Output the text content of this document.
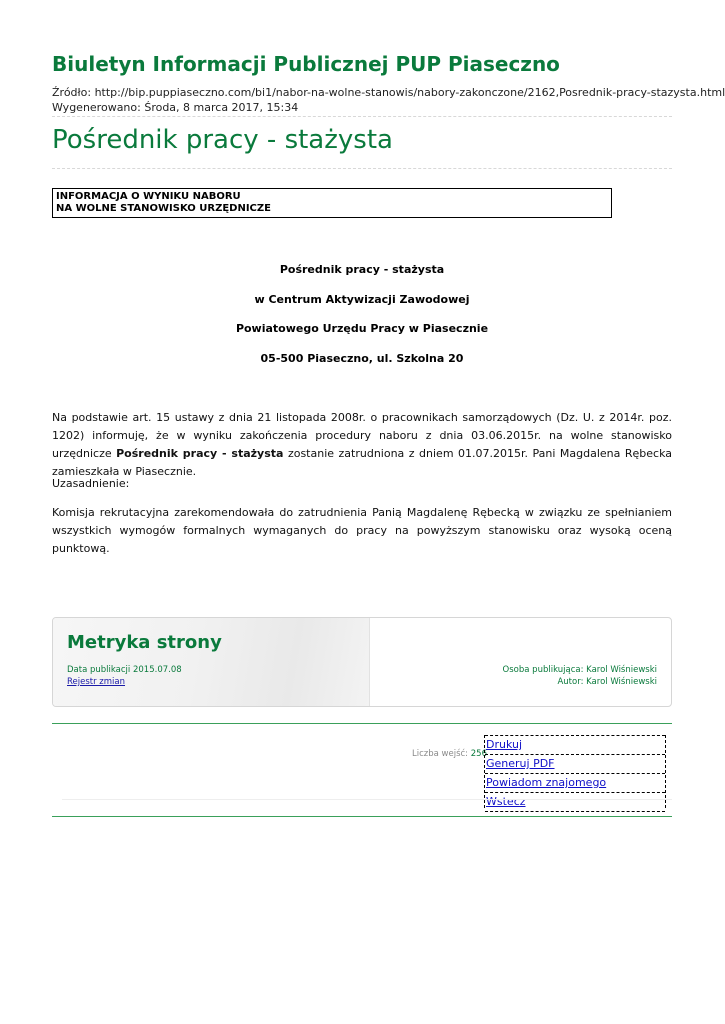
Biuletyn Informacji Publicznej PUP Piaseczno
Źródło: http://bip.puppiaseczno.com/bi1/nabor-na-wolne-stanowis/nabory-zakonczone/2162,Posrednik-pracy-stazysta.html
Wygenerowano: Środa, 8 marca 2017, 15:34
Pośrednik pracy - stażysta
INFORMACJA O WYNIKU NABORU
NA WOLNE STANOWISKO URZĘDNICZE
Pośrednik pracy - stażysta
w Centrum Aktywizacji Zawodowej
Powiatowego Urzędu Pracy w Piasecznie
05-500 Piaseczno, ul. Szkolna 20

Na podstawie art. 15 ustawy z dnia 21 listopada 2008r. o pracownikach samorządowych (Dz. U. z 2014r. poz. 1202) informuję, że w wyniku zakończenia procedury naboru z dnia 03.06.2015r. na wolne stanowisko urzędnicze Pośrednik pracy - stażysta zostanie zatrudniona z dniem 01.07.2015r. Pani Magdalena Rębecka zamieszkała w Piasecznie.

Uzasadnienie:

Komisja rekrutacyjna zarekomendowała do zatrudnienia Panią Magdalenę Rębecką w związku ze spełnianiem wszystkich wymogów formalnych wymaganych do pracy na powyższym stanowisku oraz wysoką oceną punktową.

Metryka strony
Data publikacji 2015.07.08
Rejestr zmian
Osoba publikująca: Karol Wiśniewski
Autor: Karol Wiśniewski
Liczba wejść: 256
Drukuj
Generuj PDF
Powiadom znajomego
Wstecz
